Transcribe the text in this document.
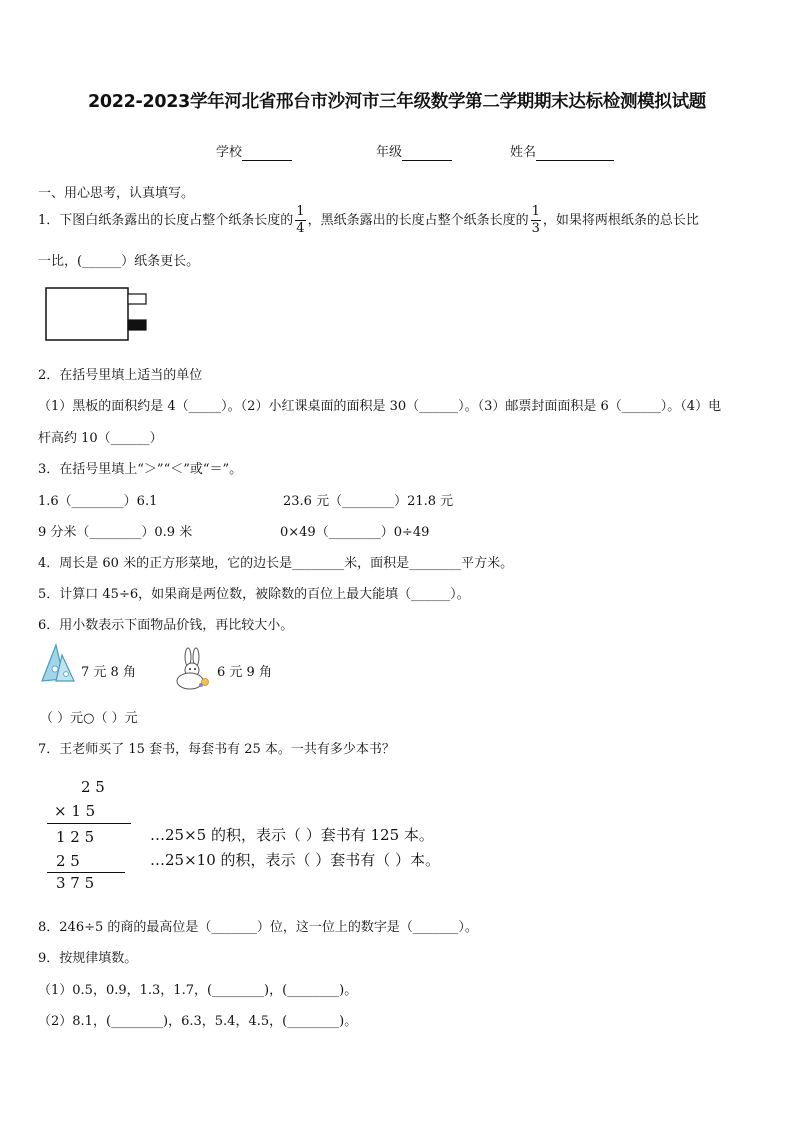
2022-2023学年河北省邢台市沙河市三年级数学第二学期期末达标检测模拟试题
学校	年级	姓名
一、用心思考，认真填写。
1．下图白纸条露出的长度占整个纸条长度的 $\frac{1}{4}$ ，黑纸条露出的长度占整个纸条长度的 $\frac{1}{3}$ ，如果将两根纸条的总长比
一比，(______）纸条更长。
2．在括号里填上适当的单位
（1）黑板的面积约是 4（_____）。（2）小红课桌面的面积是 30（______）。（3）邮票封面面积是 6（______）。（4）电
杆高约 10（______）
3．在括号里填上“＞”“＜”或“＝”。
1.6（________）6.1	23.6 元（________）21.8 元
9 分米（________）0.9 米	0×49（________）0÷49
4．周长是 60 米的正方形菜地，它的边长是________米，面积是________平方米。
5．计算口 45÷6，如果商是两位数，被除数的百位上最大能填（______）。
6．用小数表示下面物品价钱，再比较大小。
7 元 8 角	6 元 9 角
（ ）元○（ ）元
7．王老师买了 15 套书，每套书有 25 本。一共有多少本书？
2 5
× 1 5
1 2 5
2 5
3 7 5
…25×5 的积，表示（ ）套书有 125 本。
…25×10 的积，表示（ ）套书有（ ）本。
8．246÷5 的商的最高位是（_______）位，这一位上的数字是（_______）。
9．按规律填数。
（1）0.5，0.9，1.3，1.7，(________)，(________)。
（2）8.1，(________)，6.3，5.4，4.5，(________)。
